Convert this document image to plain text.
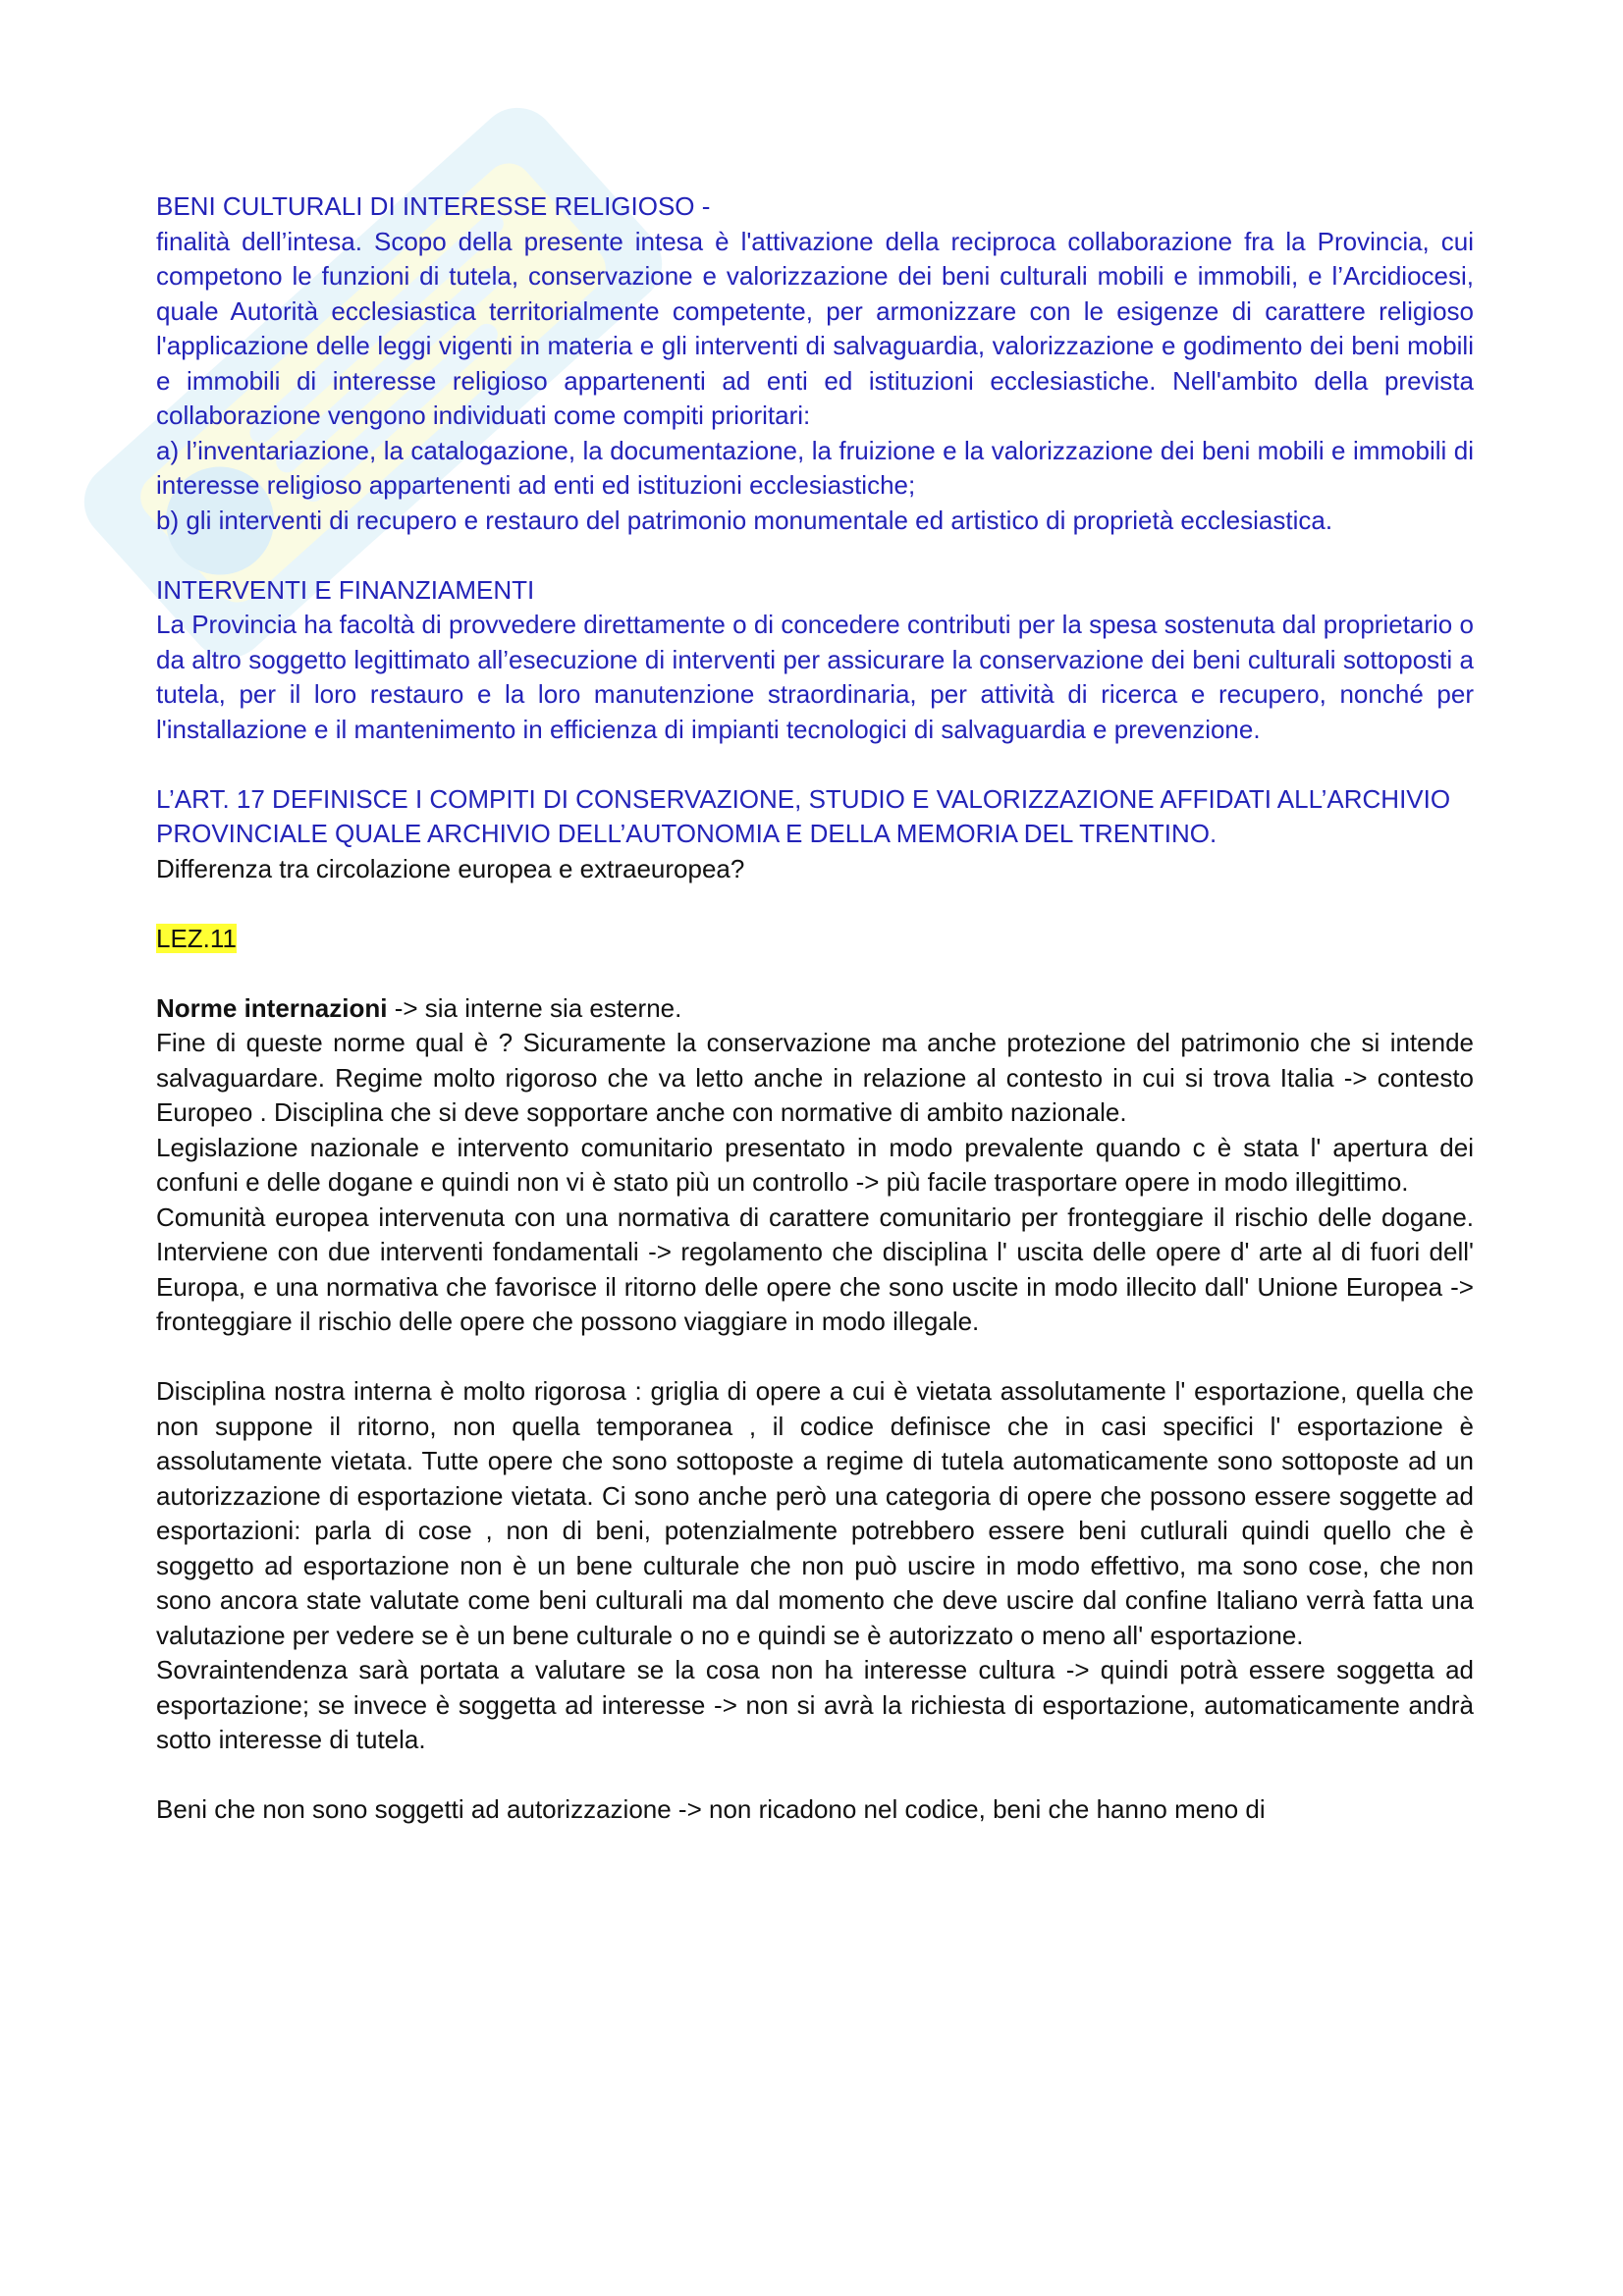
BENI CULTURALI DI INTERESSE RELIGIOSO -

finalità dell’intesa. Scopo della presente intesa è l'attivazione della reciproca collaborazione fra la Provincia, cui competono le funzioni di tutela, conservazione e valorizzazione dei beni culturali mobili e immobili, e l’Arcidiocesi, quale Autorità ecclesiastica territorialmente competente, per armonizzare con le esigenze di carattere religioso l'applicazione delle leggi vigenti in materia e gli interventi di salvaguardia, valorizzazione e godimento dei beni mobili e immobili di interesse religioso appartenenti ad enti ed istituzioni ecclesiastiche. Nell'ambito della prevista collaborazione vengono individuati come compiti prioritari:

a) l’inventariazione, la catalogazione, la documentazione, la fruizione e la valorizzazione dei beni mobili e immobili di interesse religioso appartenenti ad enti ed istituzioni ecclesiastiche;

b) gli interventi di recupero e restauro del patrimonio monumentale ed artistico di proprietà ecclesiastica.

INTERVENTI E FINANZIAMENTI

La Provincia ha facoltà di provvedere direttamente o di concedere contributi per la spesa sostenuta dal proprietario o da altro soggetto legittimato all’esecuzione di interventi per assicurare la conservazione dei beni culturali sottoposti a tutela, per il loro restauro e la loro manutenzione straordinaria, per attività di ricerca e recupero, nonché per l'installazione e il mantenimento in efficienza di impianti tecnologici di salvaguardia e prevenzione.

L’ART. 17 DEFINISCE I COMPITI DI CONSERVAZIONE, STUDIO E VALORIZZAZIONE AFFIDATI ALL’ARCHIVIO

PROVINCIALE QUALE ARCHIVIO DELL’AUTONOMIA E DELLA MEMORIA DEL TRENTINO.

Differenza tra circolazione europea e extraeuropea?

LEZ.11

Norme internazioni -> sia interne sia esterne.

Fine di queste norme qual è ? Sicuramente la conservazione ma anche protezione del patrimonio che si intende salvaguardare. Regime molto rigoroso che va letto anche in relazione al contesto in cui si trova Italia -> contesto Europeo . Disciplina che si deve sopportare anche con normative di ambito nazionale.

Legislazione nazionale e intervento comunitario presentato in modo prevalente quando c è stata l' apertura dei confuni e delle dogane e quindi non vi è stato più un controllo -> più facile trasportare opere in modo illegittimo.

Comunità europea intervenuta con una normativa di carattere comunitario per fronteggiare il rischio delle dogane. Interviene con due interventi fondamentali -> regolamento che disciplina l' uscita delle opere d' arte al di fuori dell' Europa, e una normativa che favorisce il ritorno delle opere che sono uscite in modo illecito dall' Unione Europea -> fronteggiare il rischio delle opere che possono viaggiare in modo illegale.

Disciplina nostra interna è molto rigorosa : griglia di opere a cui è vietata assolutamente l' esportazione, quella che non suppone il ritorno, non quella temporanea , il codice definisce che in casi specifici l' esportazione è assolutamente vietata. Tutte opere che sono sottoposte a regime di tutela automaticamente sono sottoposte ad un autorizzazione di esportazione vietata. Ci sono anche però una categoria di opere che possono essere soggette ad esportazioni: parla di cose , non di beni, potenzialmente potrebbero essere beni cutlurali quindi quello che è soggetto ad esportazione non è un bene culturale che non può uscire in modo effettivo, ma sono cose, che non sono ancora state valutate come beni culturali ma dal momento che deve uscire dal confine Italiano verrà fatta una valutazione per vedere se è un bene culturale o no e quindi se è autorizzato o meno all' esportazione.

Sovraintendenza sarà portata a valutare se la cosa non ha interesse cultura -> quindi potrà essere soggetta ad esportazione; se invece è soggetta ad interesse -> non si avrà la richiesta di esportazione, automaticamente andrà sotto interesse di tutela.

Beni che non sono soggetti ad autorizzazione -> non ricadono nel codice, beni che hanno meno di
